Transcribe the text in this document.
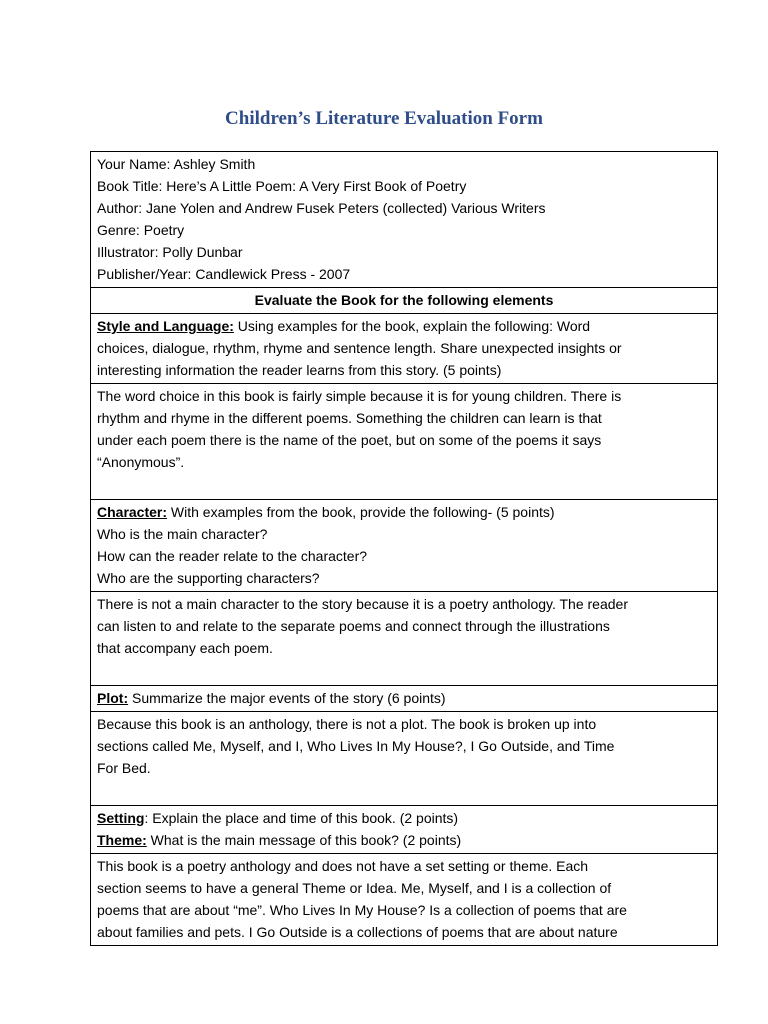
Children’s Literature Evaluation Form
Your Name: Ashley Smith
Book Title: Here’s A Little Poem: A Very First Book of Poetry
Author: Jane Yolen and Andrew Fusek Peters (collected) Various Writers
Genre: Poetry
Illustrator: Polly Dunbar
Publisher/Year: Candlewick Press - 2007

Evaluate the Book for the following elements

Style and Language: Using examples for the book, explain the following: Word
choices, dialogue, rhythm, rhyme and sentence length. Share unexpected insights or
interesting information the reader learns from this story. (5 points)

The word choice in this book is fairly simple because it is for young children. There is
rhythm and rhyme in the different poems. Something the children can learn is that
under each poem there is the name of the poet, but on some of the poems it says
“Anonymous”.

Character: With examples from the book, provide the following- (5 points)
Who is the main character?
How can the reader relate to the character?
Who are the supporting characters?

There is not a main character to the story because it is a poetry anthology. The reader
can listen to and relate to the separate poems and connect through the illustrations
that accompany each poem.

Plot: Summarize the major events of the story (6 points)

Because this book is an anthology, there is not a plot. The book is broken up into
sections called Me, Myself, and I, Who Lives In My House?, I Go Outside, and Time
For Bed.

Setting: Explain the place and time of this book. (2 points)
Theme: What is the main message of this book? (2 points)

This book is a poetry anthology and does not have a set setting or theme. Each
section seems to have a general Theme or Idea. Me, Myself, and I is a collection of
poems that are about “me”. Who Lives In My House? Is a collection of poems that are
about families and pets. I Go Outside is a collections of poems that are about nature
